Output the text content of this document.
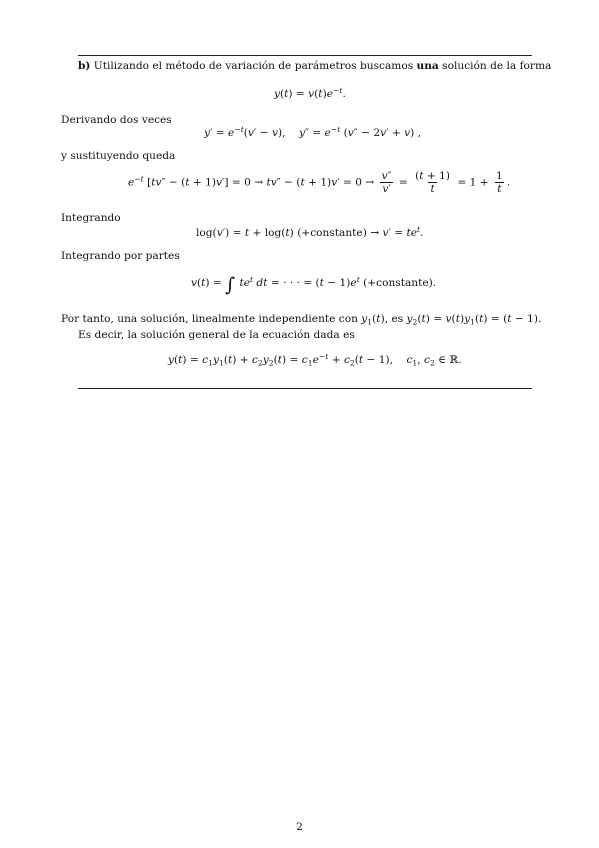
b) Utilizando el método de variación de parámetros buscamos una solución de la forma
$y(t) = v(t)e^{-t}$.
Derivando dos veces
$y' = e^{-t}(v' - v)$,    $y'' = e^{-t}$ (v″ − 2v′ + v) ,
y sustituyendo queda
$e^{-t}$ $[tv'' - (t + 1)v'] = 0 \to tv'' - (t + 1)v' = 0 \to \frac{v''}{v'} = \frac{(t + 1)}{t} = 1 + \frac{1}{t}$ .
Integrando
log(v′) = t + log(t) (+constante) → $v' = te^t$.
Integrando por partes
v(t) = ∫ $te^t$ dt = · · · = $(t - 1)e^t$ (+constante).
Por tanto, una solución, linealmente independiente con $y_1(t)$, es $y_2(t) = v(t)y_1(t) = (t - 1)$.
Es decir, la solución general de la ecuación dada es
$y(t) = c_1y_1(t) + c_2y_2(t) = c_1e^{-t} + c_2(t - 1)$,    $c_1$, $c_2$ ∈ ℝ.
2
